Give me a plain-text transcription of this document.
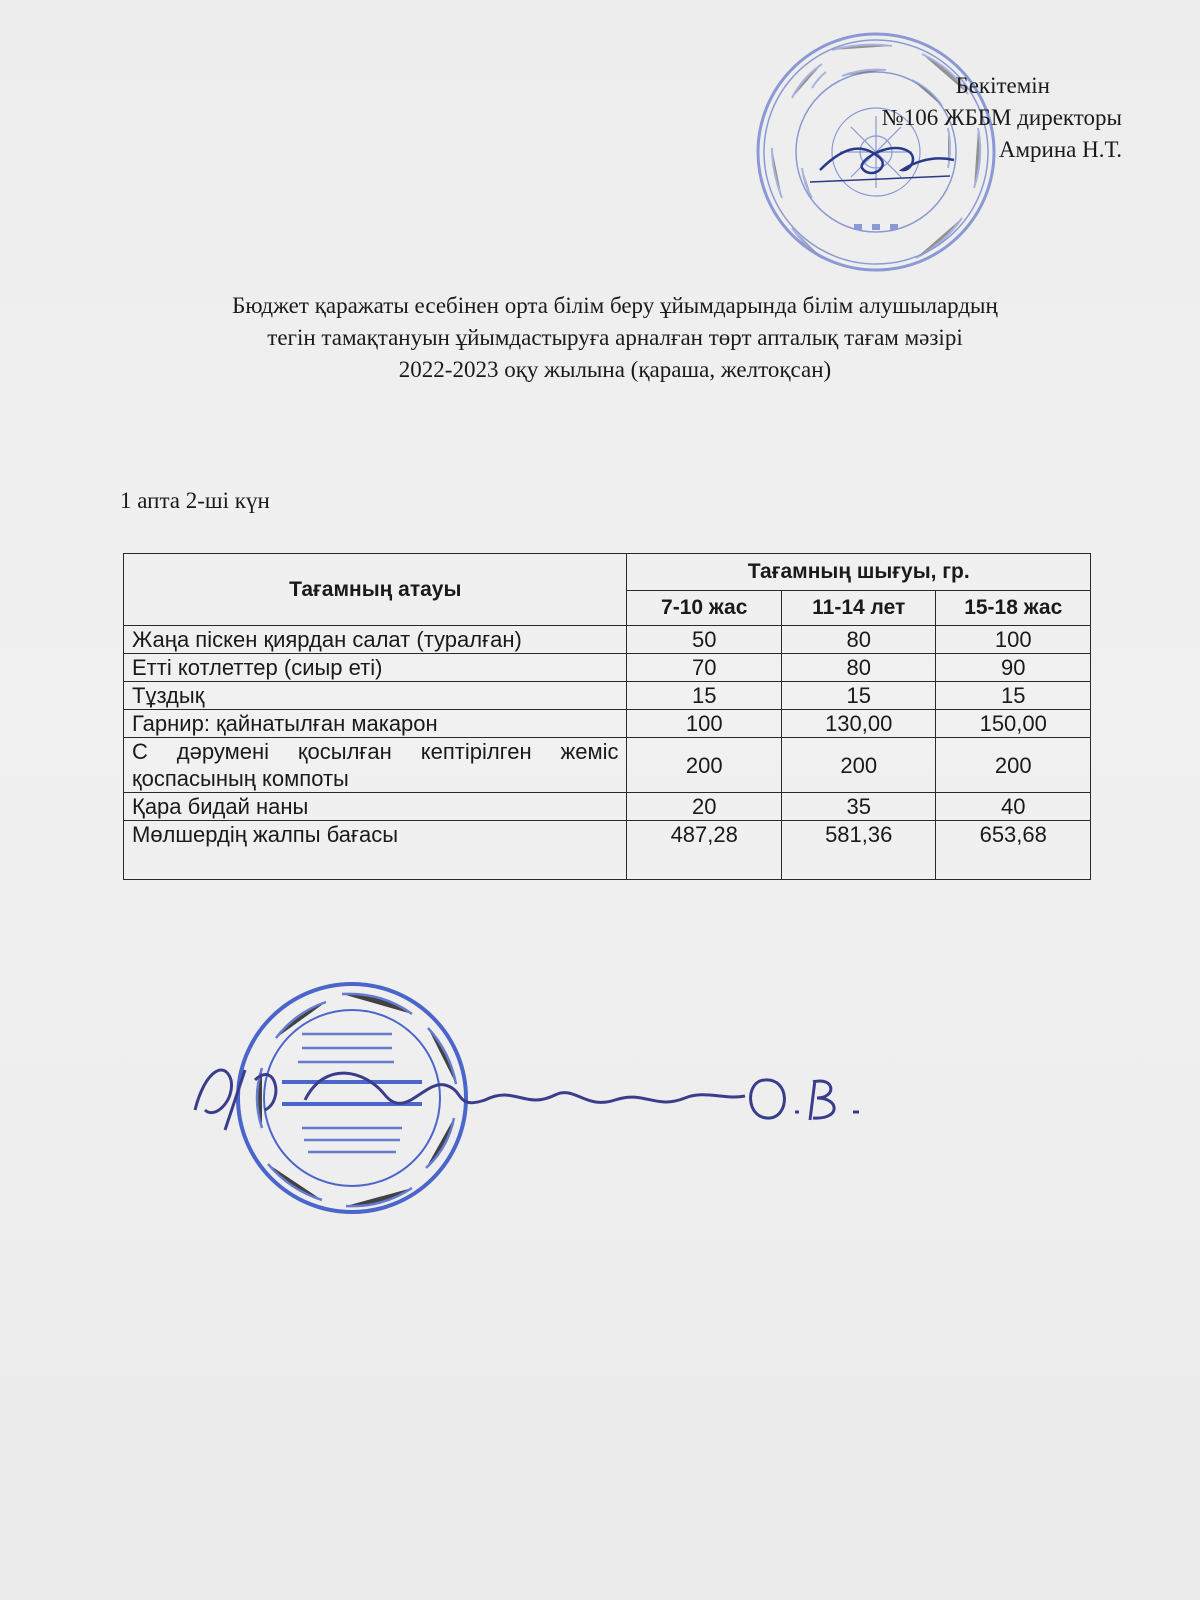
Бекітемін
№106 ЖББМ директоры
Амрина Н.Т.
Бюджет қаражаты есебінен орта білім беру ұйымдарында білім алушылардың
тегін тамақтануын ұйымдастыруға арналған төрт апталық тағам мәзірі
2022-2023 оқу жылына (қараша, желтоқсан)
1 апта 2-ші күн
Тағамның атауы	Тағамның шығуы, гр.		
	7-10 жас	11-14 лет	15-18 жас
Жаңа піскен қиярдан салат (туралған)	50	80	100
Етті котлеттер (сиыр еті)	70	80	90
Тұздық	15	15	15
Гарнир: қайнатылған макарон	100	130,00	150,00
С дәрумені қосылған кептірілген жеміс қоспасының компоты	200	200	200
Қара бидай наны	20	35	40
Мөлшердің жалпы бағасы	487,28	581,36	653,68
